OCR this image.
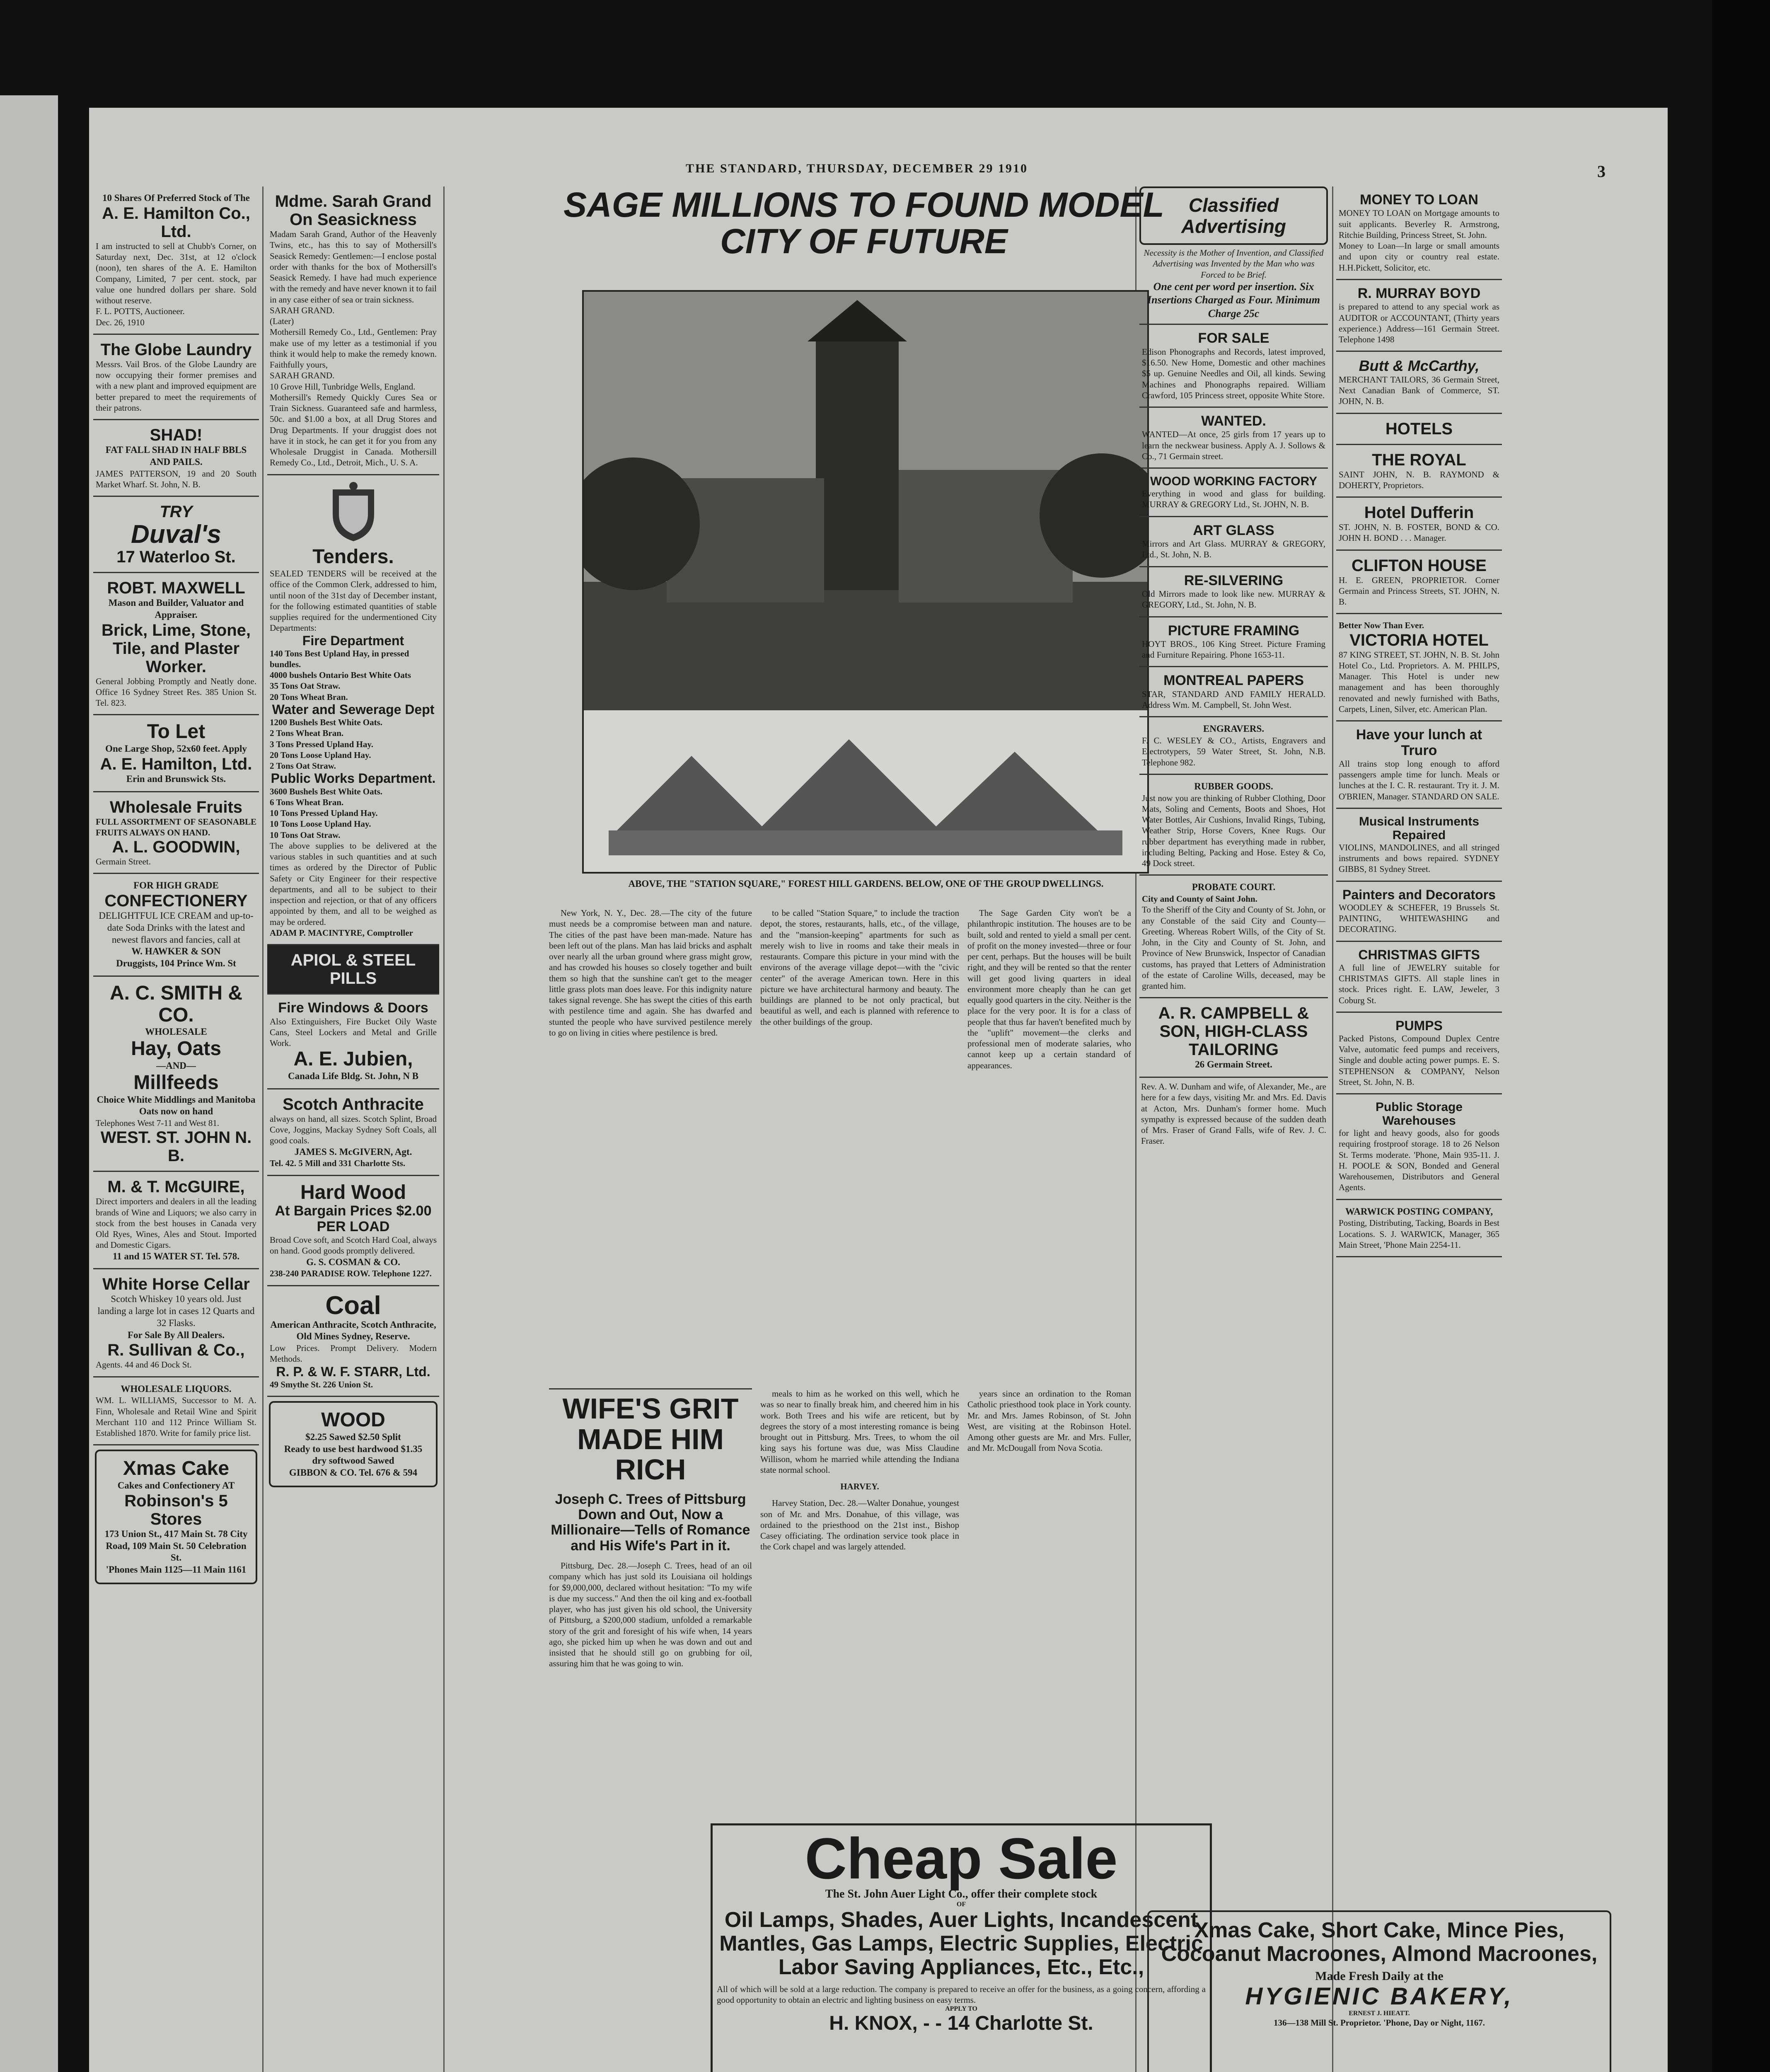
THE STANDARD, THURSDAY, DECEMBER 29 1910	3
10 Shares Of Preferred Stock of The
A. E. Hamilton Co., Ltd.
I am instructed to sell at Chubb's Corner, on Saturday next, Dec. 31st, at 12 o'clock (noon), ten shares of the A. E. Hamilton Company, Limited, 7 per cent. stock, par value one hundred dollars per share. Sold without reserve.
F. L. POTTS, Auctioneer.
Dec. 26, 1910
The Globe Laundry
Messrs. Vail Bros. of the Globe Laundry are now occupying their former premises and with a new plant and improved equipment are better prepared to meet the requirements of their patrons.
SHAD!
FAT FALL SHAD IN HALF BBLS AND PAILS.
JAMES PATTERSON, 19 and 20 South Market Wharf. St. John, N. B.
TRY
Duval's
17 Waterloo St.
ROBT. MAXWELL
Mason and Builder, Valuator and Appraiser.
Brick, Lime, Stone, Tile, and Plaster Worker.
General Jobbing Promptly and Neatly done. Office 16 Sydney Street Res. 385 Union St. Tel. 823.
To Let
One Large Shop, 52x60 feet. Apply
A. E. Hamilton, Ltd.
Erin and Brunswick Sts.
Wholesale Fruits
FULL ASSORTMENT OF SEASONABLE FRUITS ALWAYS ON HAND.
A. L. GOODWIN,
Germain Street.
FOR HIGH GRADE
CONFECTIONERY
DELIGHTFUL ICE CREAM and up-to-date Soda Drinks with the latest and newest flavors and fancies, call at
W. HAWKER & SON
Druggists, 104 Prince Wm. St
A. C. SMITH & CO.
WHOLESALE
Hay, Oats
—AND—
Millfeeds
Choice White Middlings and Manitoba Oats now on hand
Telephones West 7-11 and West 81.
WEST. ST. JOHN N. B.
M. & T. McGUIRE,
Direct importers and dealers in all the leading brands of Wine and Liquors; we also carry in stock from the best houses in Canada very Old Ryes, Wines, Ales and Stout. Imported and Domestic Cigars.
11 and 15 WATER ST. Tel. 578.
White Horse Cellar
Scotch Whiskey 10 years old. Just landing a large lot in cases 12 Quarts and 32 Flasks.
For Sale By All Dealers.
R. Sullivan & Co.,
Agents. 44 and 46 Dock St.
WHOLESALE LIQUORS.
WM. L. WILLIAMS, Successor to M. A. Finn, Wholesale and Retail Wine and Spirit Merchant 110 and 112 Prince William St. Established 1870. Write for family price list.
Xmas Cake
Cakes and Confectionery AT
Robinson's 5 Stores
173 Union St., 417 Main St. 78 City Road, 109 Main St. 50 Celebration St.
'Phones Main 1125—11 Main 1161
Mdme. Sarah Grand On Seasickness
Madam Sarah Grand, Author of the Heavenly Twins, etc., has this to say of Mothersill's Seasick Remedy: Gentlemen:—I enclose postal order with thanks for the box of Mothersill's Seasick Remedy. I have had much experience with the remedy and have never known it to fail in any case either of sea or train sickness.
SARAH GRAND.
(Later)
Mothersill Remedy Co., Ltd., Gentlemen: Pray make use of my letter as a testimonial if you think it would help to make the remedy known. Faithfully yours,
SARAH GRAND.
10 Grove Hill, Tunbridge Wells, England.
Mothersill's Remedy Quickly Cures Sea or Train Sickness. Guaranteed safe and harmless, 50c. and $1.00 a box, at all Drug Stores and Drug Departments. If your druggist does not have it in stock, he can get it for you from any Wholesale Druggist in Canada. Mothersill Remedy Co., Ltd., Detroit, Mich., U. S. A.
Tenders.
SEALED TENDERS will be received at the office of the Common Clerk, addressed to him, until noon of the 31st day of December instant, for the following estimated quantities of stable supplies required for the undermentioned City Departments:
Fire Department
140 Tons Best Upland Hay, in pressed bundles.
4000 bushels Ontario Best White Oats
35 Tons Oat Straw.
20 Tons Wheat Bran.
Water and Sewerage Dept
1200 Bushels Best White Oats.
2 Tons Wheat Bran.
3 Tons Pressed Upland Hay.
20 Tons Loose Upland Hay.
2 Tons Oat Straw.
Public Works Department.
3600 Bushels Best White Oats.
6 Tons Wheat Bran.
10 Tons Pressed Upland Hay.
10 Tons Loose Upland Hay.
10 Tons Oat Straw.
The above supplies to be delivered at the various stables in such quantities and at such times as ordered by the Director of Public Safety or City Engineer for their respective departments, and all to be subject to their inspection and rejection, or that of any officers appointed by them, and all to be weighed as may be ordered.
ADAM P. MACINTYRE, Comptroller
APIOL & STEEL PILLS
Fire Windows & Doors
Also Extinguishers, Fire Bucket Oily Waste Cans, Steel Lockers and Metal and Grille Work.
A. E. Jubien,
Canada Life Bldg. St. John, N B
Scotch Anthracite
always on hand, all sizes. Scotch Splint, Broad Cove, Joggins, Mackay Sydney Soft Coals, all good coals.
JAMES S. McGIVERN, Agt.
Tel. 42. 5 Mill and 331 Charlotte Sts.
Hard Wood
At Bargain Prices $2.00 PER LOAD
Broad Cove soft, and Scotch Hard Coal, always on hand. Good goods promptly delivered.
G. S. COSMAN & CO.
238-240 PARADISE ROW. Telephone 1227.
Coal
American Anthracite, Scotch Anthracite, Old Mines Sydney, Reserve.
Low Prices. Prompt Delivery. Modern Methods.
R. P. & W. F. STARR, Ltd.
49 Smythe St. 226 Union St.
WOOD
$2.25 Sawed $2.50 Split
Ready to use best hardwood $1.35 dry softwood Sawed
GIBBON & CO. Tel. 676 & 594
SAGE MILLIONS TO FOUND MODEL CITY OF FUTURE
ABOVE, THE "STATION SQUARE," FOREST HILL GARDENS. BELOW, ONE OF THE GROUP DWELLINGS.

New York, N. Y., Dec. 28.—The city of the future must needs be a compromise between man and nature. The cities of the past have been man-made. Nature has been left out of the plans. Man has laid bricks and asphalt over nearly all the urban ground where grass might grow, and has crowded his houses so closely together and built them so high that the sunshine can't get to the meager little grass plots man does leave. For this indignity nature takes signal revenge. She has swept the cities of this earth with pestilence time and again. She has dwarfed and stunted the people who have survived pestilence merely to go on living in cities where pestilence is bred.

to be called "Station Square," to include the traction depot, the stores, restaurants, halls, etc., of the village, and the "mansion-keeping" apartments for such as merely wish to live in rooms and take their meals in restaurants. Compare this picture in your mind with the environs of the average village depot—with the "civic center" of the average American town. Here in this picture we have architectural harmony and beauty. The buildings are planned to be not only practical, but beautiful as well, and each is planned with reference to the other buildings of the group.

The Sage Garden City won't be a philanthropic institution. The houses are to be built, sold and rented to yield a small per cent. of profit on the money invested—three or four per cent, perhaps. But the houses will be built right, and they will be rented so that the renter will get good living quarters in ideal environment more cheaply than he can get equally good quarters in the city. Neither is the place for the very poor. It is for a class of people that thus far haven't benefited much by the "uplift" movement—the clerks and professional men of moderate salaries, who cannot keep up a certain standard of appearances.

WIFE'S GRIT MADE HIM RICH
Joseph C. Trees of Pittsburg Down and Out, Now a Millionaire—Tells of Romance and His Wife's Part in it.

Pittsburg, Dec. 28.—Joseph C. Trees, head of an oil company which has just sold its Louisiana oil holdings for $9,000,000, declared without hesitation: "To my wife is due my success." And then the oil king and ex-football player, who has just given his old school, the University of Pittsburg, a $200,000 stadium, unfolded a remarkable story of the grit and foresight of his wife when, 14 years ago, she picked him up when he was down and out and insisted that he should still go on grubbing for oil, assuring him that he was going to win.

meals to him as he worked on this well, which he was so near to finally break him, and cheered him in his work. Both Trees and his wife are reticent, but by degrees the story of a most interesting romance is being brought out in Pittsburg. Mrs. Trees, to whom the oil king says his fortune was due, was Miss Claudine Willison, whom he married while attending the Indiana state normal school.

HARVEY.

Harvey Station, Dec. 28.—Walter Donahue, youngest son of Mr. and Mrs. Donahue, of this village, was ordained to the priesthood on the 21st inst., Bishop Casey officiating. The ordination service took place in the Cork chapel and was largely attended.

years since an ordination to the Roman Catholic priesthood took place in York county. Mr. and Mrs. James Robinson, of St. John West, are visiting at the Robinson Hotel. Among other guests are Mr. and Mrs. Fuller, and Mr. McDougall from Nova Scotia.

Cheap Sale
The St. John Auer Light Co., offer their complete stock
OF
Oil Lamps, Shades, Auer Lights, Incandescent Mantles, Gas Lamps, Electric Supplies, Electric Labor Saving Appliances, Etc., Etc.,
All of which will be sold at a large reduction. The company is prepared to receive an offer for the business, as a going concern, affording a good opportunity to obtain an electric and lighting business on easy terms.
APPLY TO
H. KNOX, - - 14 Charlotte St.
Classified Advertising
Necessity is the Mother of Invention, and Classified Advertising was Invented by the Man who was Forced to be Brief.
One cent per word per insertion. Six Insertions Charged as Four. Minimum Charge 25c
FOR SALE
Edison Phonographs and Records, latest improved, $16.50. New Home, Domestic and other machines $5 up. Genuine Needles and Oil, all kinds. Sewing Machines and Phonographs repaired. William Crawford, 105 Princess street, opposite White Store.
WANTED.
WANTED—At once, 25 girls from 17 years up to learn the neckwear business. Apply A. J. Sollows & Co., 71 Germain street.
WOOD WORKING FACTORY
Everything in wood and glass for building. MURRAY & GREGORY Ltd., St. JOHN, N. B.
ART GLASS
Mirrors and Art Glass. MURRAY & GREGORY, Ltd., St. John, N. B.
RE-SILVERING
Old Mirrors made to look like new. MURRAY & GREGORY, Ltd., St. John, N. B.
PICTURE FRAMING
HOYT BROS., 106 King Street. Picture Framing and Furniture Repairing. Phone 1653-11.
MONTREAL PAPERS
STAR, STANDARD AND FAMILY HERALD. Address Wm. M. Campbell, St. John West.
ENGRAVERS.
F. C. WESLEY & CO., Artists, Engravers and Electrotypers, 59 Water Street, St. John, N.B. Telephone 982.
RUBBER GOODS.
Just now you are thinking of Rubber Clothing, Door Mats, Soling and Cements, Boots and Shoes, Hot Water Bottles, Air Cushions, Invalid Rings, Tubing, Weather Strip, Horse Covers, Knee Rugs. Our rubber department has everything made in rubber, including Belting, Packing and Hose. Estey & Co, 49 Dock street.
PROBATE COURT.
City and County of Saint John.
To the Sheriff of the City and County of St. John, or any Constable of the said City and County—Greeting. Whereas Robert Wills, of the City of St. John, in the City and County of St. John, and Province of New Brunswick, Inspector of Canadian customs, has prayed that Letters of Administration of the estate of Caroline Wills, deceased, may be granted him.
A. R. CAMPBELL & SON, HIGH-CLASS TAILORING
26 Germain Street.
Rev. A. W. Dunham and wife, of Alexander, Me., are here for a few days, visiting Mr. and Mrs. Ed. Davis at Acton, Mrs. Dunham's former home. Much sympathy is expressed because of the sudden death of Mrs. Fraser of Grand Falls, wife of Rev. J. C. Fraser.
MONEY TO LOAN
MONEY TO LOAN on Mortgage amounts to suit applicants. Beverley R. Armstrong, Ritchie Building, Princess Street, St. John.
Money to Loan—In large or small amounts and upon city or country real estate. H.H.Pickett, Solicitor, etc.
R. MURRAY BOYD
is prepared to attend to any special work as AUDITOR or ACCOUNTANT, (Thirty years experience.) Address—161 Germain Street. Telephone 1498
Butt & McCarthy,
MERCHANT TAILORS, 36 Germain Street, Next Canadian Bank of Commerce, ST. JOHN, N. B.
HOTELS
THE ROYAL
SAINT JOHN, N. B. RAYMOND & DOHERTY, Proprietors.
Hotel Dufferin
ST. JOHN, N. B. FOSTER, BOND & CO. JOHN H. BOND . . . Manager.
CLIFTON HOUSE
H. E. GREEN, PROPRIETOR. Corner Germain and Princess Streets, ST. JOHN, N. B.
Better Now Than Ever.
VICTORIA HOTEL
87 KING STREET, ST. JOHN, N. B. St. John Hotel Co., Ltd. Proprietors. A. M. PHILPS, Manager. This Hotel is under new management and has been thoroughly renovated and newly furnished with Baths, Carpets, Linen, Silver, etc. American Plan.
Have your lunch at Truro
All trains stop long enough to afford passengers ample time for lunch. Meals or lunches at the I. C. R. restaurant. Try it. J. M. O'BRIEN, Manager. STANDARD ON SALE.
Musical Instruments Repaired
VIOLINS, MANDOLINES, and all stringed instruments and bows repaired. SYDNEY GIBBS, 81 Sydney Street.
Painters and Decorators
WOODLEY & SCHEFER, 19 Brussels St. PAINTING, WHITEWASHING and DECORATING.
CHRISTMAS GIFTS
A full line of JEWELRY suitable for CHRISTMAS GIFTS. All staple lines in stock. Prices right. E. LAW, Jeweler, 3 Coburg St.
PUMPS
Packed Pistons, Compound Duplex Centre Valve, automatic feed pumps and receivers, Single and double acting power pumps. E. S. STEPHENSON & COMPANY, Nelson Street, St. John, N. B.
Public Storage Warehouses
for light and heavy goods, also for goods requiring frostproof storage. 18 to 26 Nelson St. Terms moderate. 'Phone, Main 935-11. J. H. POOLE & SON, Bonded and General Warehousemen, Distributors and General Agents.
WARWICK POSTING COMPANY,
Posting, Distributing, Tacking, Boards in Best Locations. S. J. WARWICK, Manager, 365 Main Street, 'Phone Main 2254-11.
Xmas Cake, Short Cake, Mince Pies, Cocoanut Macroones, Almond Macroones,
Made Fresh Daily at the
HYGIENIC BAKERY,
ERNEST J. HIEATT.
136—138 Mill St. Proprietor. 'Phone, Day or Night, 1167.
